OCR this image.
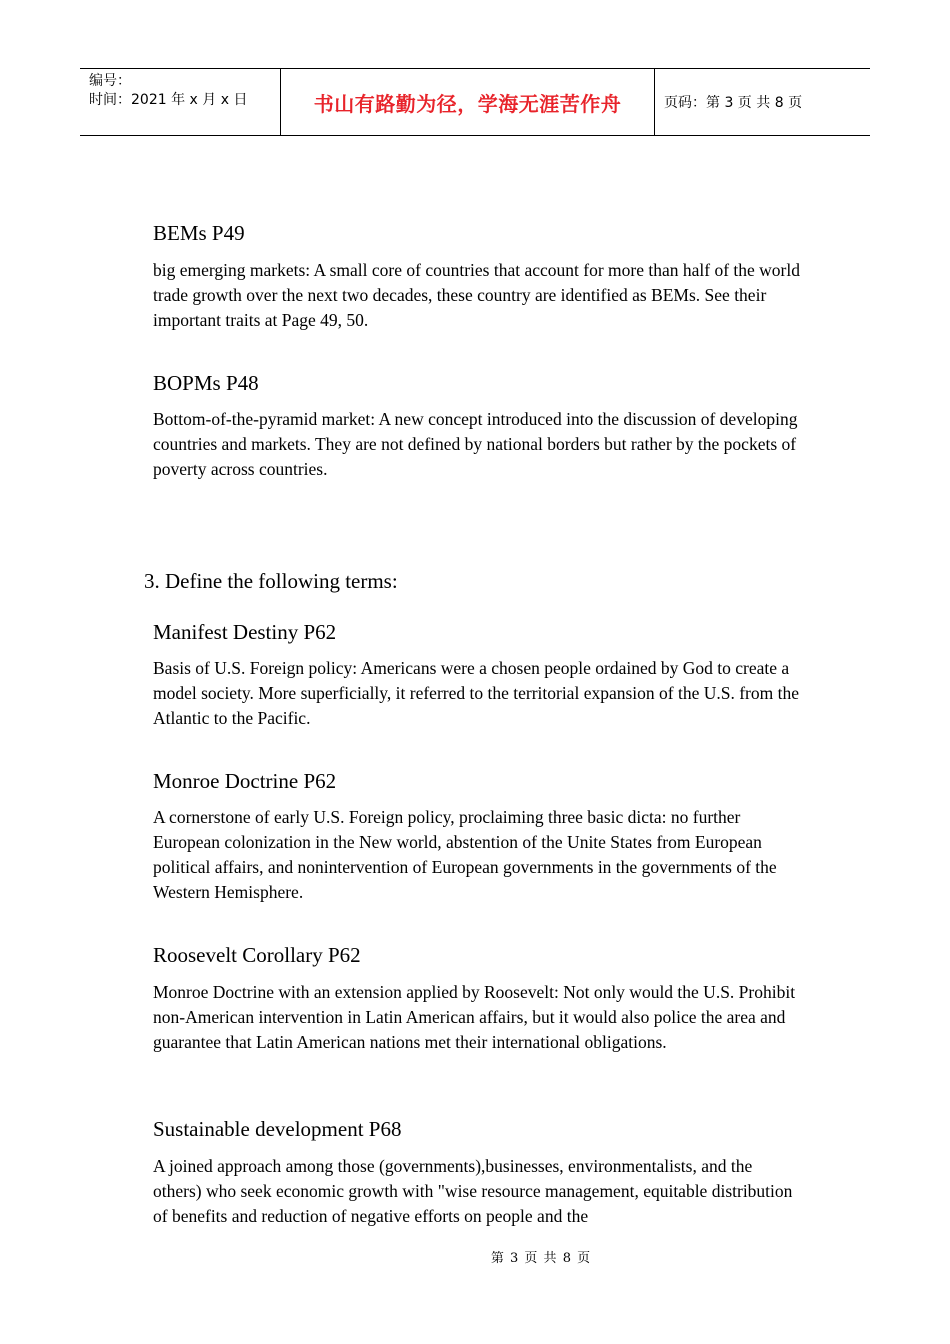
编号：
时间：2021 年 x 月 x 日	书山有路勤为径，学海无涯苦作舟	页码：第 3 页 共 8 页
BEMs P49
big emerging markets: A small core of countries that account for more than half of the world trade growth over the next two decades, these country are identified as BEMs. See their important traits at Page 49, 50.
BOPMs P48
Bottom-of-the-pyramid market: A new concept introduced into the discussion of developing countries and markets. They are not defined by national borders but rather by the pockets of poverty across countries.
3. Define the following terms:
Manifest Destiny P62
Basis of U.S. Foreign policy: Americans were a chosen people ordained by God to create a model society. More superficially, it referred to the territorial expansion of the U.S. from the Atlantic to the Pacific.
Monroe Doctrine P62
A cornerstone of early U.S. Foreign policy, proclaiming three basic dicta: no further European colonization in the New world, abstention of the Unite States from European political affairs, and nonintervention of European governments in the governments of the Western Hemisphere.
Roosevelt Corollary P62
Monroe Doctrine with an extension applied by Roosevelt: Not only would the U.S. Prohibit non-American intervention in Latin American affairs, but it would also police the area and guarantee that Latin American nations met their international obligations.
Sustainable development P68
A joined approach among those (governments),businesses, environmentalists, and the others) who seek economic growth with "wise resource management, equitable distribution of benefits and reduction of negative efforts on people and the
第 3 页 共 8 页
